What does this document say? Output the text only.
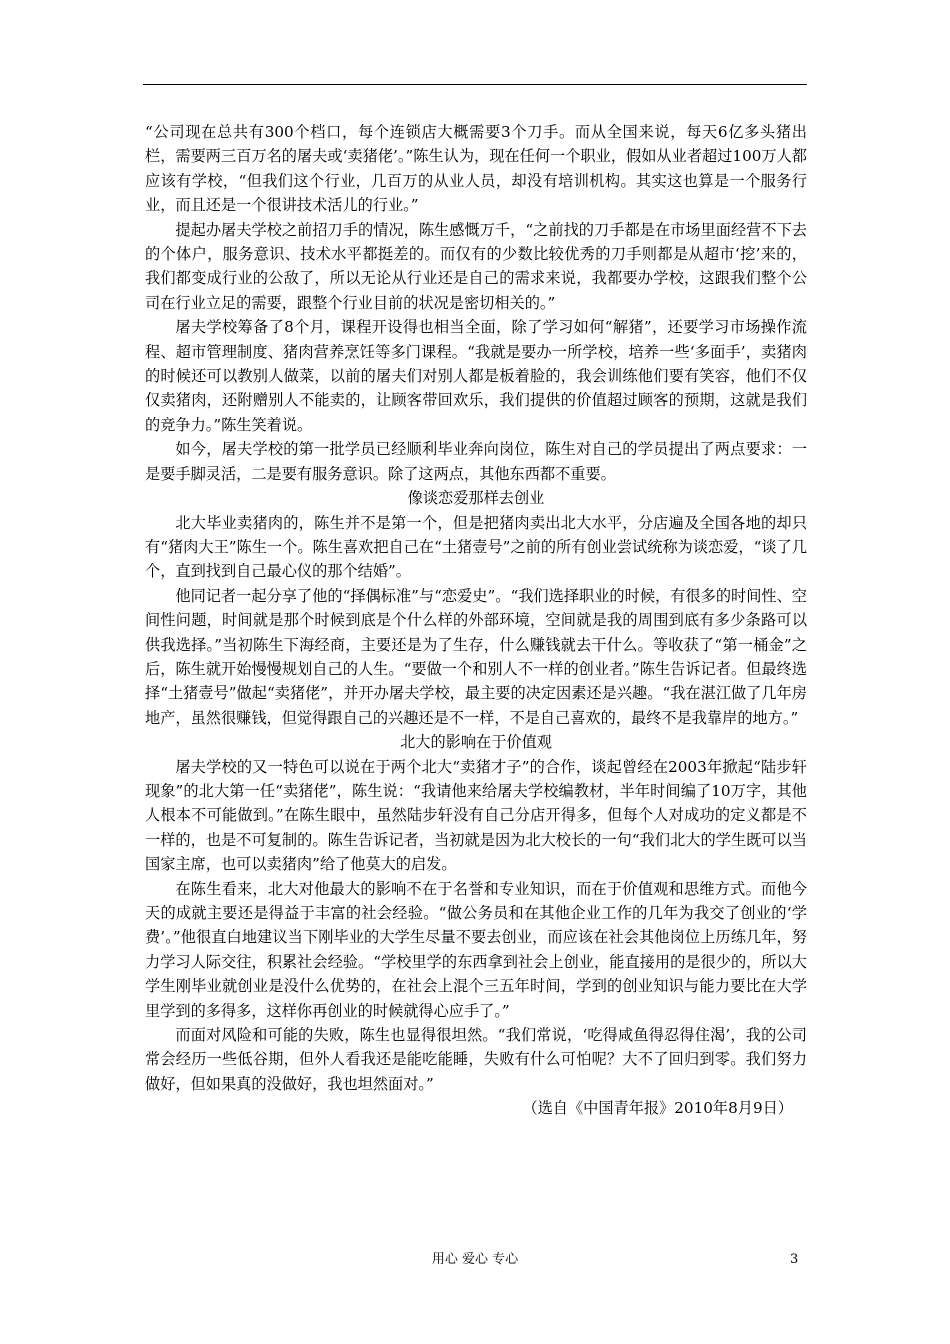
“公司现在总共有300个档口，每个连锁店大概需要3个刀手。而从全国来说，每天6亿多头猪出栏，需要两三百万名的屠夫或‘卖猪佬’。”陈生认为，现在任何一个职业，假如从业者超过100万人都应该有学校，“但我们这个行业，几百万的从业人员，却没有培训机构。其实这也算是一个服务行业，而且还是一个很讲技术活儿的行业。”

提起办屠夫学校之前招刀手的情况，陈生感慨万千，“之前找的刀手都是在市场里面经营不下去的个体户，服务意识、技术水平都挺差的。而仅有的少数比较优秀的刀手则都是从超市‘挖’来的，我们都变成行业的公敌了，所以无论从行业还是自己的需求来说，我都要办学校，这跟我们整个公司在行业立足的需要，跟整个行业目前的状况是密切相关的。”

屠夫学校筹备了8个月，课程开设得也相当全面，除了学习如何“解猪”，还要学习市场操作流程、超市管理制度、猪肉营养烹饪等多门课程。“我就是要办一所学校，培养一些‘多面手’，卖猪肉的时候还可以教别人做菜，以前的屠夫们对别人都是板着脸的，我会训练他们要有笑容，他们不仅仅卖猪肉，还附赠别人不能卖的，让顾客带回欢乐，我们提供的价值超过顾客的预期，这就是我们的竞争力。”陈生笑着说。

如今，屠夫学校的第一批学员已经顺利毕业奔向岗位，陈生对自己的学员提出了两点要求：一是要手脚灵活，二是要有服务意识。除了这两点，其他东西都不重要。

像谈恋爱那样去创业

北大毕业卖猪肉的，陈生并不是第一个，但是把猪肉卖出北大水平，分店遍及全国各地的却只有“猪肉大王”陈生一个。陈生喜欢把自己在“土猪壹号”之前的所有创业尝试统称为谈恋爱，“谈了几个，直到找到自己最心仪的那个结婚”。

他同记者一起分享了他的“择偶标准”与“恋爱史”。“我们选择职业的时候，有很多的时间性、空间性问题，时间就是那个时候到底是个什么样的外部环境，空间就是我的周围到底有多少条路可以供我选择。”当初陈生下海经商，主要还是为了生存，什么赚钱就去干什么。等收获了“第一桶金”之后，陈生就开始慢慢规划自己的人生。“要做一个和别人不一样的创业者。”陈生告诉记者。但最终选择“土猪壹号”做起“卖猪佬”，并开办屠夫学校，最主要的决定因素还是兴趣。“我在湛江做了几年房地产，虽然很赚钱，但觉得跟自己的兴趣还是不一样，不是自己喜欢的，最终不是我靠岸的地方。”

北大的影响在于价值观

屠夫学校的又一特色可以说在于两个北大“卖猪才子”的合作，谈起曾经在2003年掀起“陆步轩现象”的北大第一任“卖猪佬”，陈生说：“我请他来给屠夫学校编教材，半年时间编了10万字，其他人根本不可能做到。”在陈生眼中，虽然陆步轩没有自己分店开得多，但每个人对成功的定义都是不一样的，也是不可复制的。陈生告诉记者，当初就是因为北大校长的一句“我们北大的学生既可以当国家主席，也可以卖猪肉”给了他莫大的启发。

在陈生看来，北大对他最大的影响不在于名誉和专业知识，而在于价值观和思维方式。而他今天的成就主要还是得益于丰富的社会经验。“做公务员和在其他企业工作的几年为我交了创业的‘学费’。”他很直白地建议当下刚毕业的大学生尽量不要去创业，而应该在社会其他岗位上历练几年，努力学习人际交往，积累社会经验。“学校里学的东西拿到社会上创业，能直接用的是很少的，所以大学生刚毕业就创业是没什么优势的，在社会上混个三五年时间，学到的创业知识与能力要比在大学里学到的多得多，这样你再创业的时候就得心应手了。”

而面对风险和可能的失败，陈生也显得很坦然。“我们常说，‘吃得咸鱼得忍得住渴’，我的公司常会经历一些低谷期，但外人看我还是能吃能睡，失败有什么可怕呢？大不了回归到零。我们努力做好，但如果真的没做好，我也坦然面对。”

（选自《中国青年报》2010年8月9日）

用心 爱心 专心	3
